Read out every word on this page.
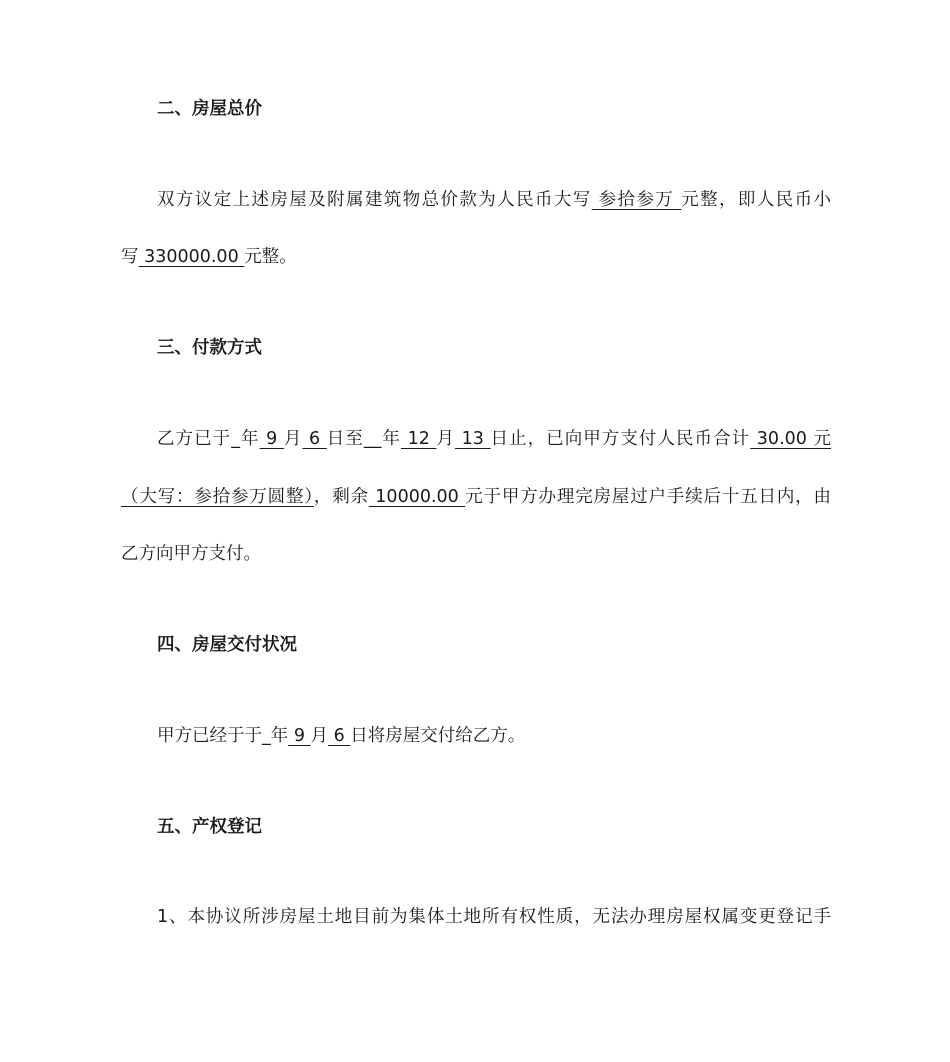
二、房屋总价
双方议定上述房屋及附属建筑物总价款为人民币大写 参拾参万 元整，即人民币小
写 330000.00 元整。
三、付款方式
乙方已于_年 9 月 6 日至__年 12 月 13 日止，已向甲方支付人民币合计 30.00 元
（大写：参拾参万圆整），剩余 10000.00 元于甲方办理完房屋过户手续后十五日内，由
乙方向甲方支付。
四、房屋交付状况
甲方已经于于_年 9 月 6 日将房屋交付给乙方。
五、产权登记
1、本协议所涉房屋土地目前为集体土地所有权性质，无法办理房屋权属变更登记手
